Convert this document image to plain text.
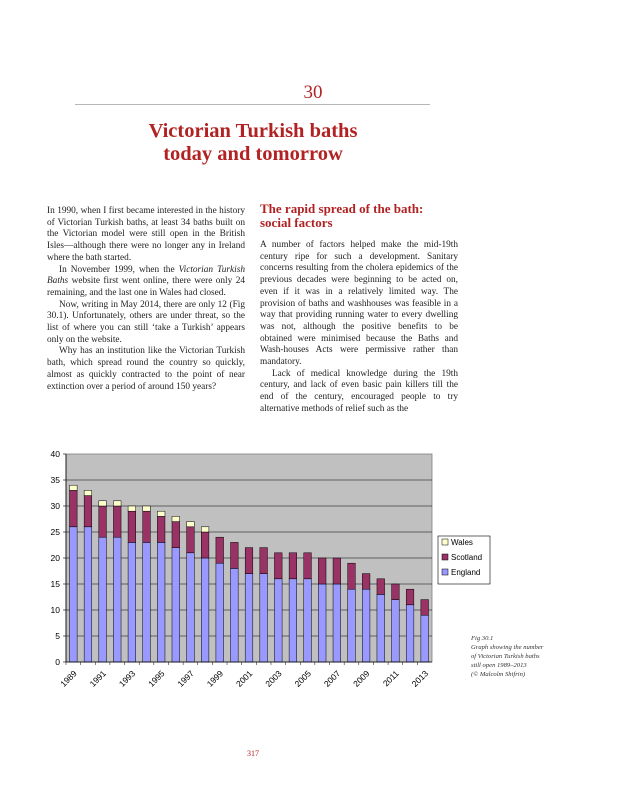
30
Victorian Turkish baths
today and tomorrow

In 1990, when I first became interested in the history of Victorian Turkish baths, at least 34 baths built on the Victorian model were still open in the British Isles—although there were no longer any in Ireland where the bath started.

In November 1999, when the Victorian Turkish Baths website first went online, there were only 24 remaining, and the last one in Wales had closed.

Now, writing in May 2014, there are only 12 (Fig 30.1). Unfortunately, others are under threat, so the list of where you can still ‘take a Turkish’ appears only on the website.

Why has an institution like the Victorian Turkish bath, which spread round the country so quickly, almost as quickly contracted to the point of near extinction over a period of around 150 years?

The rapid spread of the bath:
social factors

A number of factors helped make the mid-19th century ripe for such a development. Sanitary concerns resulting from the cholera epidemics of the previous decades were beginning to be acted on, even if it was in a relatively limited way. The provision of baths and washhouses was feasible in a way that providing running water to every dwelling was not, although the positive benefits to be obtained were minimised because the Baths and Wash-houses Acts were permissive rather than mandatory.

Lack of medical knowledge during the 19th century, and lack of even basic pain killers till the end of the century, encouraged people to try alternative methods of relief such as the

0
5
10
15
20
25
30
35
40
1989 1991 1993 1995 1997 1999 2001 2003 2005 2007 2009 2011 2013
Wales
Scotland
England
Fig 30.1
Graph showing the number
of Victorian Turkish baths
still open 1989–2013
(© Malcolm Shifrin)
317
